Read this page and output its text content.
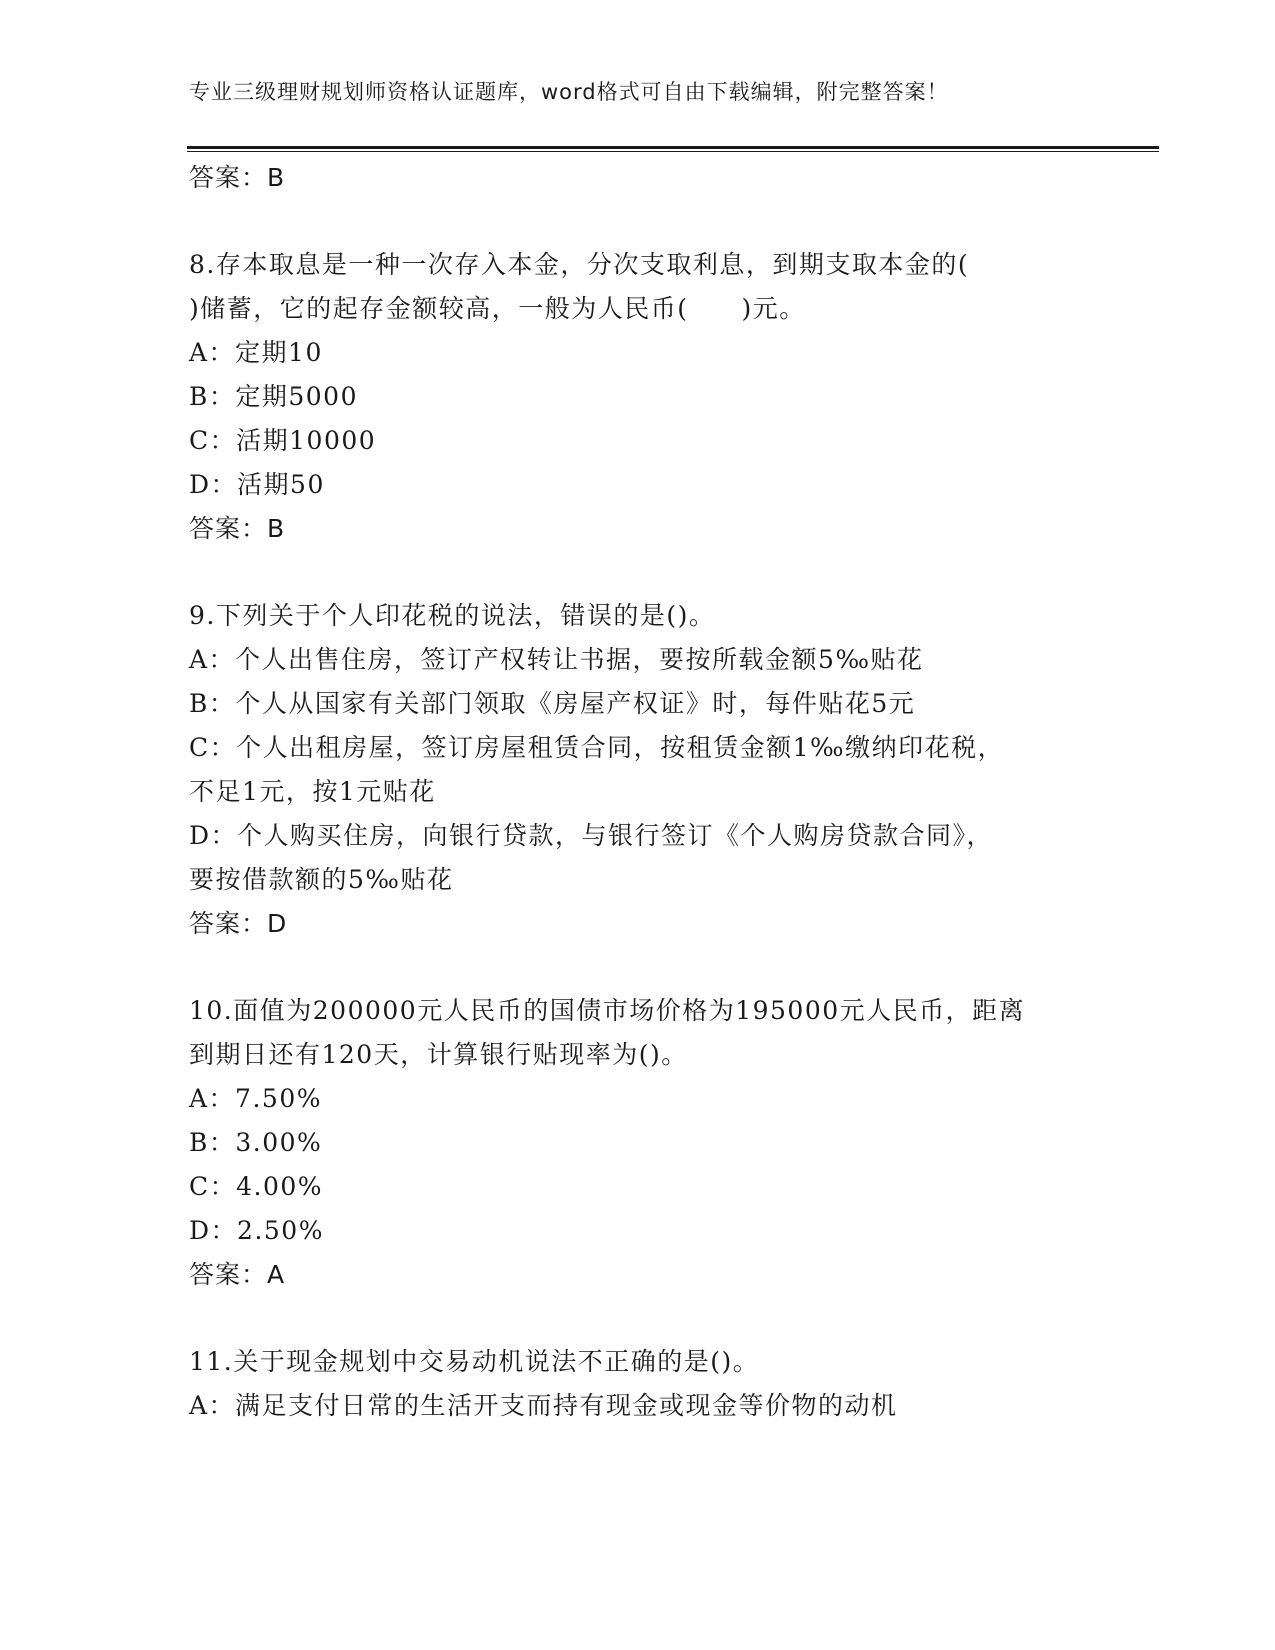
专业三级理财规划师资格认证题库，word格式可自由下载编辑，附完整答案！
答案：B
8.存本取息是一种一次存入本金，分次支取利息，到期支取本金的(
)储蓄，它的起存金额较高，一般为人民币(　　)元。
A：定期10
B：定期5000
C：活期10000
D：活期50
答案：B
9.下列关于个人印花税的说法，错误的是()。
A：个人出售住房，签订产权转让书据，要按所载金额5‰贴花
B：个人从国家有关部门领取《房屋产权证》时，每件贴花5元
C：个人出租房屋，签订房屋租赁合同，按租赁金额1‰缴纳印花税，
不足1元，按1元贴花
D：个人购买住房，向银行贷款，与银行签订《个人购房贷款合同》，
要按借款额的5‰贴花
答案：D
10.面值为200000元人民币的国债市场价格为195000元人民币，距离
到期日还有120天，计算银行贴现率为()。
A：7.50%
B：3.00%
C：4.00%
D：2.50%
答案：A
11.关于现金规划中交易动机说法不正确的是()。
A：满足支付日常的生活开支而持有现金或现金等价物的动机
